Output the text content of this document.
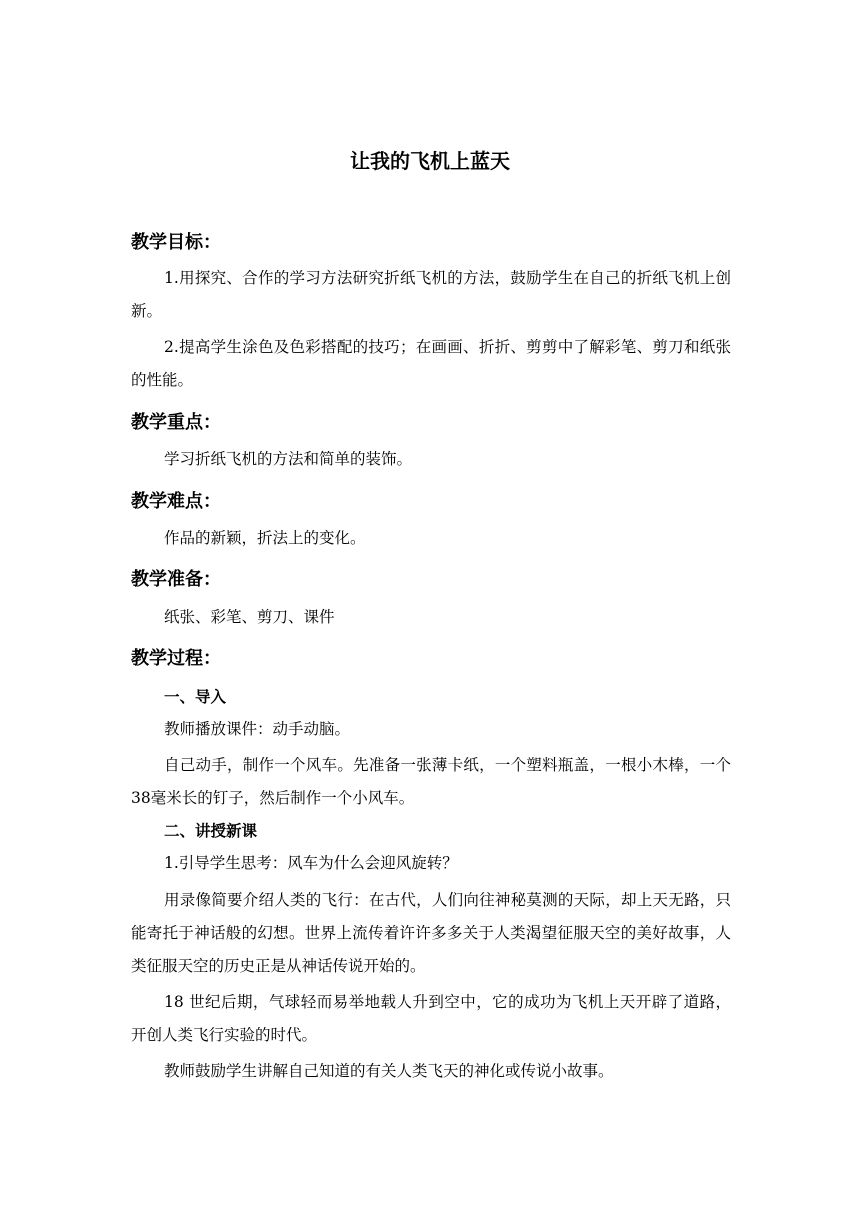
让我的飞机上蓝天
教学目标：
1.用探究、合作的学习方法研究折纸飞机的方法，鼓励学生在自己的折纸飞机上创新。
2.提高学生涂色及色彩搭配的技巧；在画画、折折、剪剪中了解彩笔、剪刀和纸张的性能。
教学重点：
学习折纸飞机的方法和简单的装饰。
教学难点：
作品的新颖，折法上的变化。
教学准备：
纸张、彩笔、剪刀、课件
教学过程：
一、导入
教师播放课件：动手动脑。
自己动手，制作一个风车。先准备一张薄卡纸，一个塑料瓶盖，一根小木棒，一个38毫米长的钉子，然后制作一个小风车。
二、讲授新课
1.引导学生思考：风车为什么会迎风旋转？
用录像简要介绍人类的飞行：在古代，人们向往神秘莫测的天际，却上天无路，只能寄托于神话般的幻想。世界上流传着许许多多关于人类渴望征服天空的美好故事，人类征服天空的历史正是从神话传说开始的。
18 世纪后期，气球轻而易举地载人升到空中，它的成功为飞机上天开辟了道路，开创人类飞行实验的时代。
教师鼓励学生讲解自己知道的有关人类飞天的神化或传说小故事。
